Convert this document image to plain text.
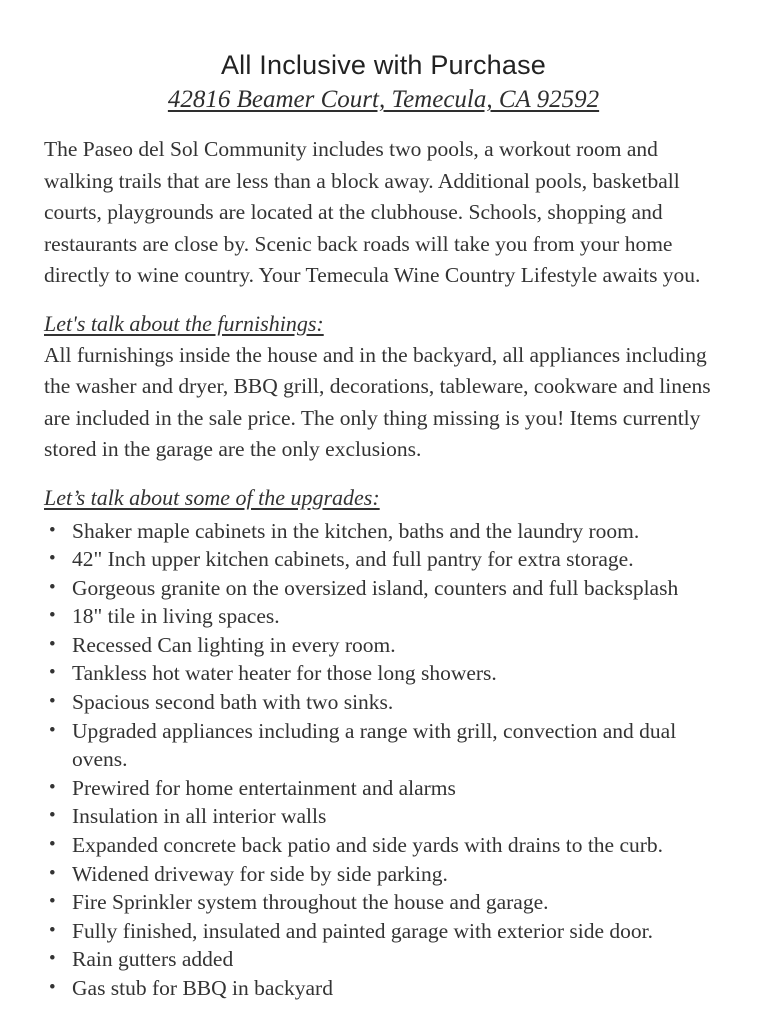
All Inclusive with Purchase
42816 Beamer Court, Temecula, CA 92592

The Paseo del Sol Community includes two pools, a workout room and walking trails that are less than a block away. Additional pools, basketball courts, playgrounds are located at the clubhouse. Schools, shopping and restaurants are close by. Scenic back roads will take you from your home directly to wine country. Your Temecula Wine Country Lifestyle awaits you.

Let's talk about the furnishings:

All furnishings inside the house and in the backyard, all appliances including the washer and dryer, BBQ grill, decorations, tableware, cookware and linens are included in the sale price. The only thing missing is you! Items currently stored in the garage are the only exclusions.

Let’s talk about some of the upgrades:
• Shaker maple cabinets in the kitchen, baths and the laundry room.
• 42" Inch upper kitchen cabinets, and full pantry for extra storage.
• Gorgeous granite on the oversized island, counters and full backsplash
• 18" tile in living spaces.
• Recessed Can lighting in every room.
• Tankless hot water heater for those long showers.
• Spacious second bath with two sinks.
• Upgraded appliances including a range with grill, convection and dual ovens.
• Prewired for home entertainment and alarms
• Insulation in all interior walls
• Expanded concrete back patio and side yards with drains to the curb.
• Widened driveway for side by side parking.
• Fire Sprinkler system throughout the house and garage.
• Fully finished, insulated and painted garage with exterior side door.
• Rain gutters added
• Gas stub for BBQ in backyard
